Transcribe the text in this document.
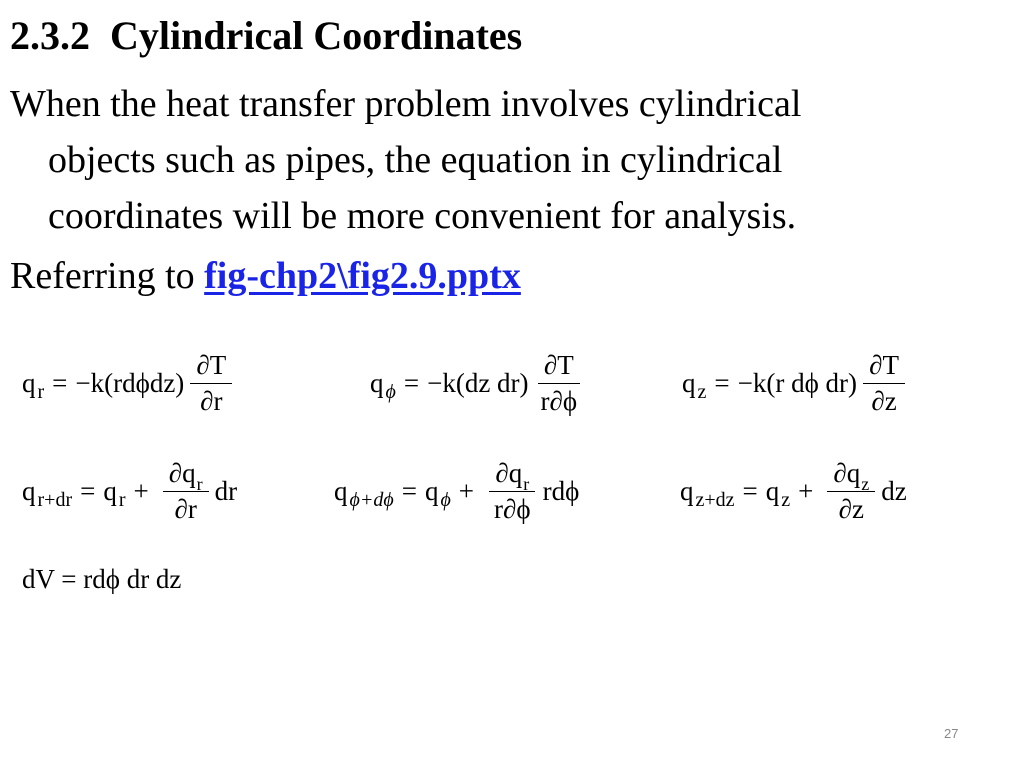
2.3.2 Cylindrical Coordinates
When the heat transfer problem involves cylindrical
objects such as pipes, the equation in cylindrical
coordinates will be more convenient for analysis.
Referring to fig-chp2\fig2.9.pptx
q r = −k( $rd\phi dz) \frac{\partial T}{\partial r}$	q ϕ = −k( dz $dr) \frac{\partial T}{r\partial\phi}$	q z = −k( r dϕ $dr) \frac{\partial T}{\partial z}$
q r+dr = q $r + \frac{\text{∂q r}}{\partial r}$ dr	q ϕ+dϕ = q $\phi + \frac{\text{∂q r}}{r\partial\phi}$ rdϕ	q z+dz = q $z + \frac{\text{∂q z}}{\partial z}$ dz
dV = rdϕ dr dz
27
